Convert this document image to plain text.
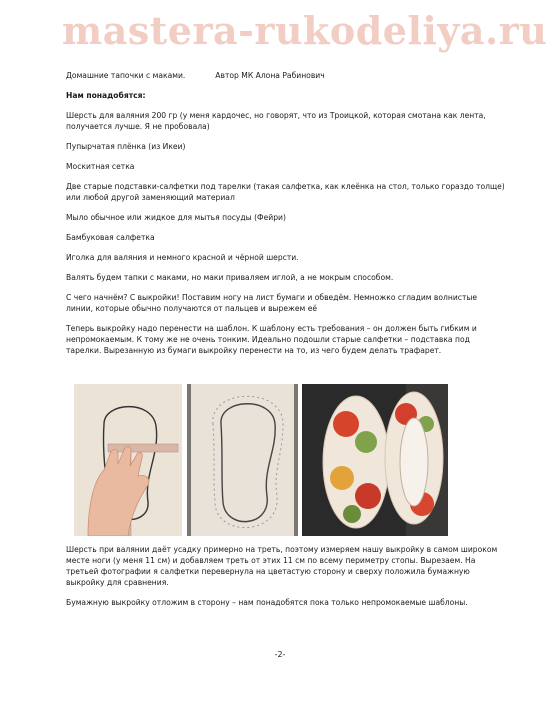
mastera-rukodeliya.ru
Домашние тапочки с маками.	Автор МК Алона Рабинович

Нам понадобятся:

Шерсть для валяния 200 гр (у меня кардочес, но говорят, что из Троицкой, которая смотана как лента, получается лучше. Я не пробовала)

Пупырчатая плёнка (из Икеи)

Москитная сетка

Две старые подставки-салфетки под тарелки (такая салфетка, как клеёнка на стол, только гораздо толще) или любой другой заменяющий материал

Мыло обычное или жидкое для мытья посуды (Фейри)

Бамбуковая салфетка

Иголка для валяния и немного красной и чёрной шерсти.

Валять будем тапки с маками, но маки приваляем иглой, а не мокрым способом.

С чего начнём? С выкройки! Поставим ногу на лист бумаги и обведём. Немножко сгладим волнистые линии, которые обычно получаются от пальцев и вырежем её

Теперь выкройку надо перенести на шаблон. К шаблону есть требования – он должен быть гибким и непромокаемым. К тому же не очень тонким. Идеально подошли старые салфетки – подставка под тарелки. Вырезанную из бумаги выкройку перенести на то, из чего будем делать трафарет.

Шерсть при валянии даёт усадку примерно на треть, поэтому измеряем нашу выкройку в самом широком месте ноги (у меня 11 см) и добавляем треть от этих 11 см по всему периметру стопы. Вырезаем. На третьей фотографии я салфетки перевернула на цветастую сторону и сверху положила бумажную выкройку для сравнения.

Бумажную выкройку отложим в сторону – нам понадобятся пока только непромокаемые шаблоны.

-2-
